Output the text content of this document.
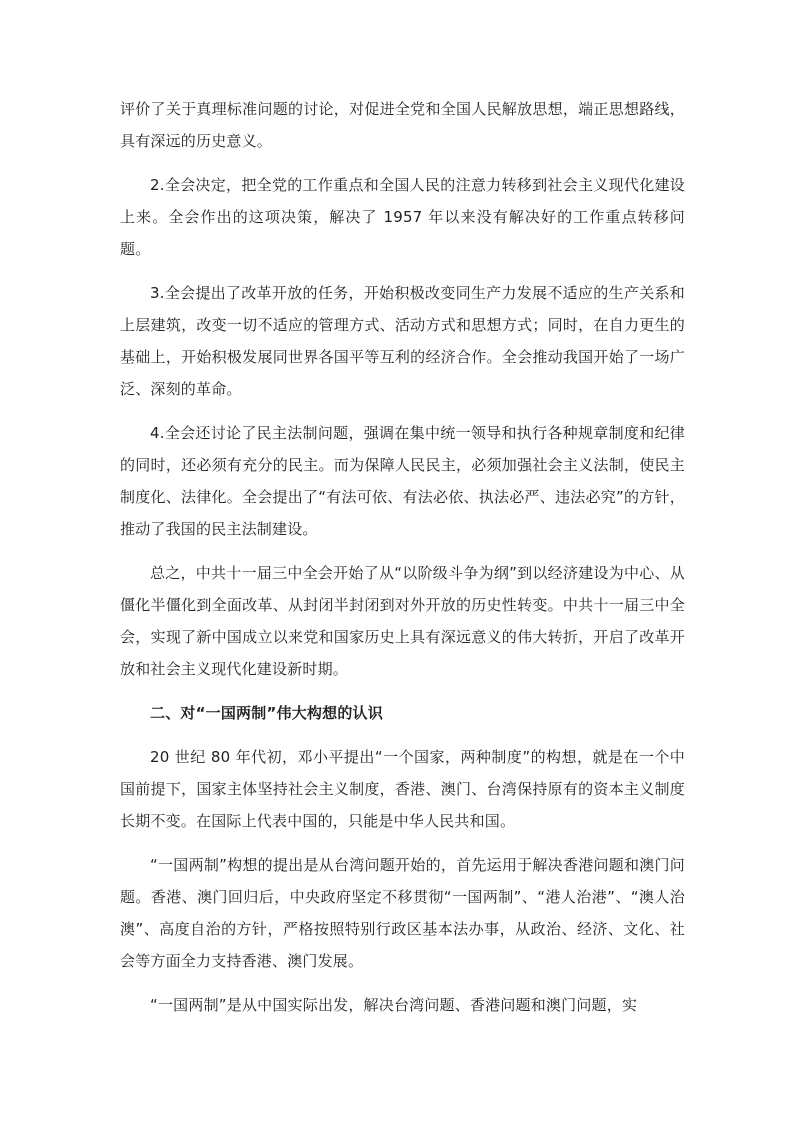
评价了关于真理标准问题的讨论，对促进全党和全国人民解放思想，端正思想路线，具有深远的历史意义。

2.全会决定，把全党的工作重点和全国人民的注意力转移到社会主义现代化建设上来。全会作出的这项决策，解决了 1957 年以来没有解决好的工作重点转移问题。

3.全会提出了改革开放的任务，开始积极改变同生产力发展不适应的生产关系和上层建筑，改变一切不适应的管理方式、活动方式和思想方式；同时，在自力更生的基础上，开始积极发展同世界各国平等互利的经济合作。全会推动我国开始了一场广泛、深刻的革命。

4.全会还讨论了民主法制问题，强调在集中统一领导和执行各种规章制度和纪律的同时，还必须有充分的民主。而为保障人民民主，必须加强社会主义法制，使民主制度化、法律化。全会提出了“有法可依、有法必依、执法必严、违法必究”的方针，推动了我国的民主法制建设。

总之，中共十一届三中全会开始了从“以阶级斗争为纲”到以经济建设为中心、从僵化半僵化到全面改革、从封闭半封闭到对外开放的历史性转变。中共十一届三中全会，实现了新中国成立以来党和国家历史上具有深远意义的伟大转折，开启了改革开放和社会主义现代化建设新时期。

二、对“一国两制”伟大构想的认识

20 世纪 80 年代初，邓小平提出“一个国家，两种制度”的构想，就是在一个中国前提下，国家主体坚持社会主义制度，香港、澳门、台湾保持原有的资本主义制度长期不变。在国际上代表中国的，只能是中华人民共和国。

“一国两制”构想的提出是从台湾问题开始的，首先运用于解决香港问题和澳门问题。香港、澳门回归后，中央政府坚定不移贯彻“一国两制”、“港人治港”、“澳人治澳”、高度自治的方针，严格按照特别行政区基本法办事，从政治、经济、文化、社会等方面全力支持香港、澳门发展。

“一国两制”是从中国实际出发，解决台湾问题、香港问题和澳门问题，实
